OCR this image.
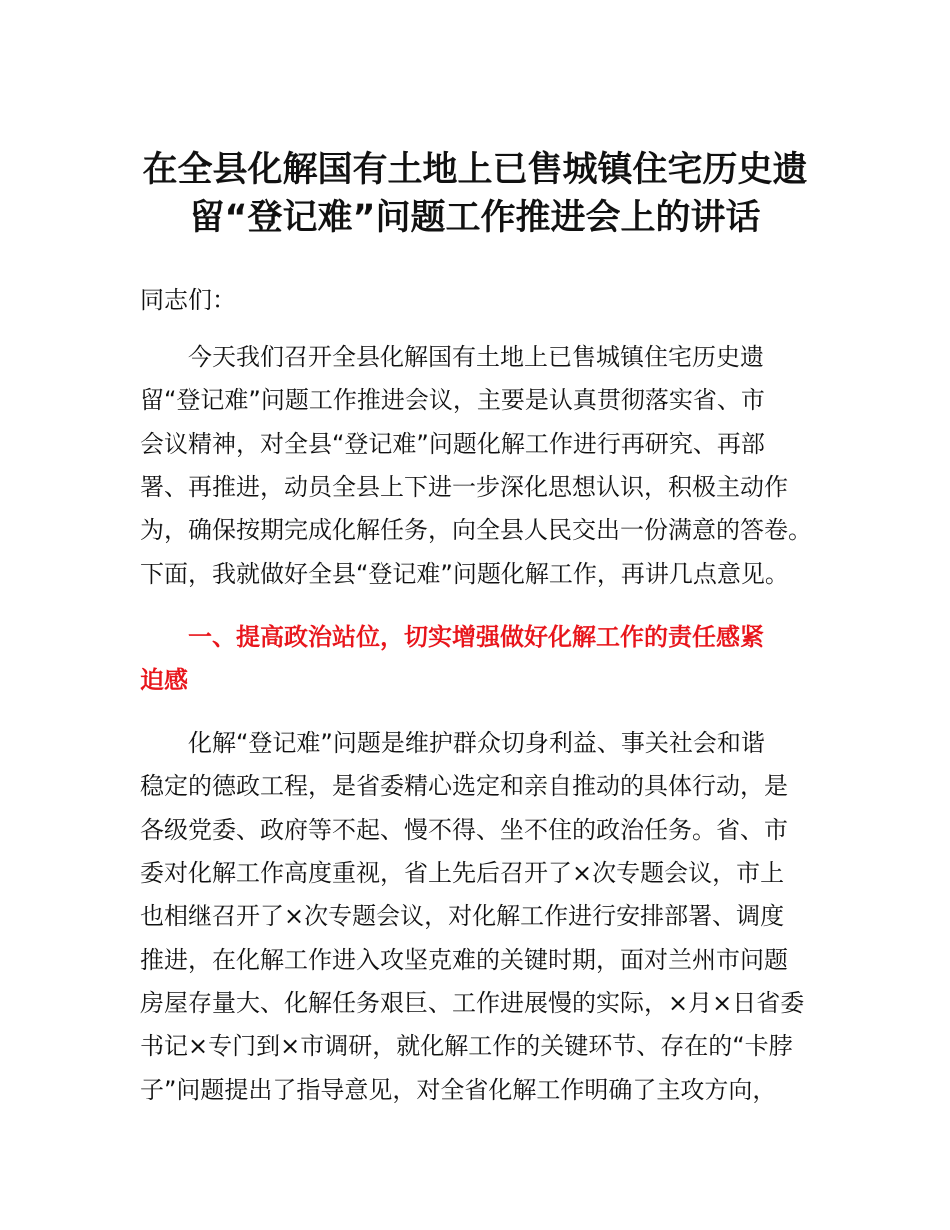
在全县化解国有土地上已售城镇住宅历史遗
留“登记难”问题工作推进会上的讲话
同志们：
今天我们召开全县化解国有土地上已售城镇住宅历史遗
留“登记难”问题工作推进会议，主要是认真贯彻落实省、市
会议精神，对全县“登记难”问题化解工作进行再研究、再部
署、再推进，动员全县上下进一步深化思想认识，积极主动作
为，确保按期完成化解任务，向全县人民交出一份满意的答卷。
下面，我就做好全县“登记难”问题化解工作，再讲几点意见。
一、提高政治站位，切实增强做好化解工作的责任感紧
迫感
化解“登记难”问题是维护群众切身利益、事关社会和谐
稳定的德政工程，是省委精心选定和亲自推动的具体行动，是
各级党委、政府等不起、慢不得、坐不住的政治任务。省、市
委对化解工作高度重视，省上先后召开了×次专题会议，市上
也相继召开了×次专题会议，对化解工作进行安排部署、调度
推进，在化解工作进入攻坚克难的关键时期，面对兰州市问题
房屋存量大、化解任务艰巨、工作进展慢的实际，×月×日省委
书记×专门到×市调研，就化解工作的关键环节、存在的“卡脖
子”问题提出了指导意见，对全省化解工作明确了主攻方向，
